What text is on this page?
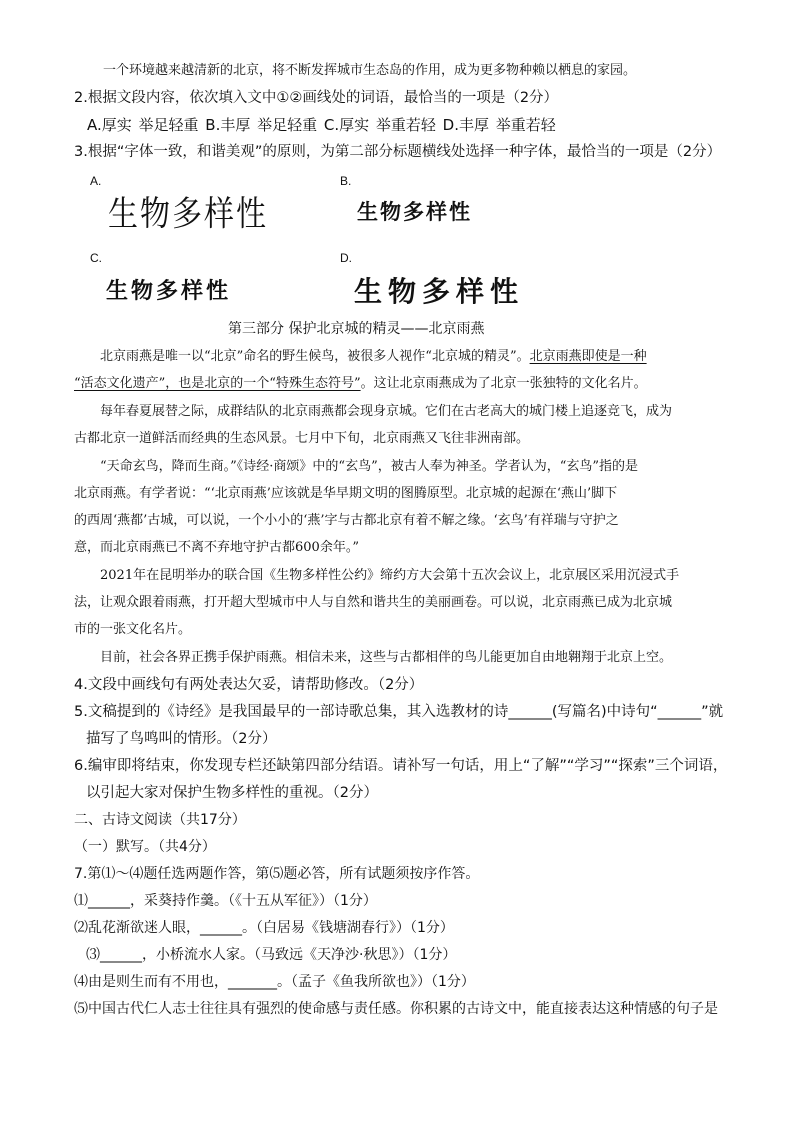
一个环境越来越清新的北京，将不断发挥城市生态岛的作用，成为更多物种赖以栖息的家园。
2.根据文段内容，依次填入文中①②画线处的词语，最恰当的一项是（2分）
A.厚实 举足轻重 B.丰厚 举足轻重 C.厚实 举重若轻 D.丰厚 举重若轻
3.根据“字体一致，和谐美观”的原则，为第二部分标题横线处选择一种字体，最恰当的一项是（2分）
A.
生物多样性
B.
生物多样性
C.
生物多样性
D.
生物多样性
第三部分 保护北京城的精灵——北京雨燕
北京雨燕是唯一以“北京”命名的野生候鸟，被很多人视作“北京城的精灵”。北京雨燕即使是一种
“活态文化遗产”，也是北京的一个“特殊生态符号”。这让北京雨燕成为了北京一张独特的文化名片。
每年春夏展替之际，成群结队的北京雨燕都会现身京城。它们在古老高大的城门楼上追逐竞飞，成为
古都北京一道鲜活而经典的生态风景。七月中下旬，北京雨燕又飞往非洲南部。
“天命玄鸟，降而生商。”《诗经·商颂》中的“玄鸟”，被古人奉为神圣。学者认为，“玄鸟”指的是
北京雨燕。有学者说：“‘北京雨燕’应该就是华早期文明的图腾原型。北京城的起源在‘燕山’脚下
的西周‘燕都’古城，可以说，一个小小的‘燕’字与古都北京有着不解之缘。‘玄鸟’有祥瑞与守护之
意，而北京雨燕已不离不弃地守护古都600余年。”
2021年在昆明举办的联合国《生物多样性公约》缔约方大会第十五次会议上，北京展区采用沉浸式手
法，让观众跟着雨燕，打开超大型城市中人与自然和谐共生的美丽画卷。可以说，北京雨燕已成为北京城
市的一张文化名片。
目前，社会各界正携手保护雨燕。相信未来，这些与古都相伴的鸟儿能更加自由地翱翔于北京上空。
4.文段中画线句有两处表达欠妥，请帮助修改。（2分）
5.文稿提到的《诗经》是我国最早的一部诗歌总集，其入选教材的诗______(写篇名)中诗句“______”就
描写了鸟鸣叫的情形。（2分）
6.编审即将结束，你发现专栏还缺第四部分结语。请补写一句话，用上“了解”“学习”“探索”三个词语，
以引起大家对保护生物多样性的重视。（2分）
二、古诗文阅读（共17分）
（一）默写。（共4分）
7.第⑴～⑷题任选两题作答，第⑸题必答，所有试题须按序作答。
⑴______，采葵持作羹。（《十五从军征》）（1分）
⑵乱花渐欲迷人眼，______。（白居易《钱塘湖春行》）（1分）
⑶______，小桥流水人家。（马致远《天净沙·秋思》）（1分）
⑷由是则生而有不用也，_______。（孟子《鱼我所欲也》）（1分）
⑸中国古代仁人志士往往具有强烈的使命感与责任感。你积累的古诗文中，能直接表达这种情感的句子是
